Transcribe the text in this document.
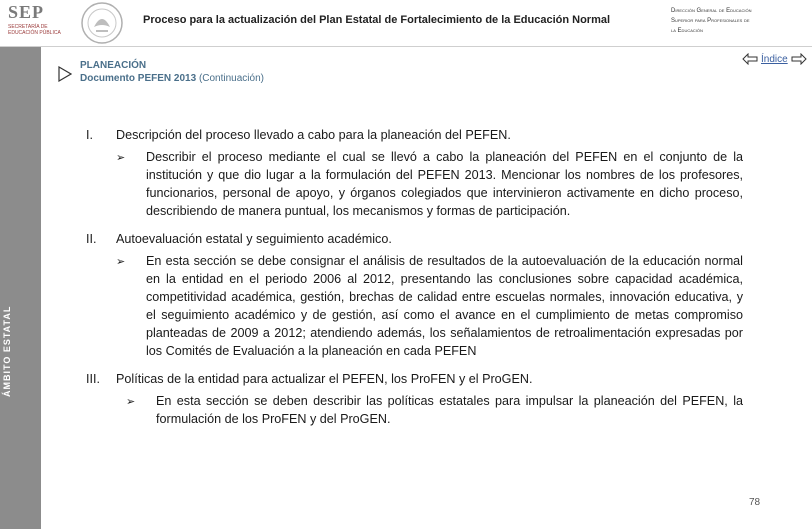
SEP
SECRETARÍA DE EDUCACIÓN PÚBLICA
Proceso para la actualización del Plan Estatal de Fortalecimiento de la Educación Normal
Dirección General de Educación
Superior para Profesionales de
la Educación
ÁMBITO ESTATAL
PLANEACIÓN
Documento PEFEN 2013 (Continuación)
Índice
I.	Descripción del proceso llevado a cabo para la planeación del PEFEN.
➢	Describir el proceso mediante el cual se llevó a cabo la planeación del PEFEN en el conjunto de la institución y que dio lugar a la formulación del PEFEN 2013. Mencionar los nombres de los profesores, funcionarios, personal de apoyo, y órganos colegiados que intervinieron activamente en dicho proceso, describiendo de manera puntual, los mecanismos y formas de participación.
II.	Autoevaluación estatal y seguimiento académico.
➢	En esta sección se debe consignar el análisis de resultados de la autoevaluación de la educación normal en la entidad en el periodo 2006 al 2012, presentando las conclusiones sobre capacidad académica, competitividad académica, gestión, brechas de calidad entre escuelas normales, innovación educativa, y el seguimiento académico y de gestión, así como el avance en el cumplimiento de metas compromiso planteadas de 2009 a 2012; atendiendo además, los señalamientos de retroalimentación expresadas por los Comités de Evaluación a la planeación en cada PEFEN
III.	Políticas de la entidad para actualizar el PEFEN, los ProFEN y el ProGEN.
➢	En esta sección se deben describir las políticas estatales para impulsar la planeación del PEFEN, la formulación de los ProFEN y del ProGEN.
78
